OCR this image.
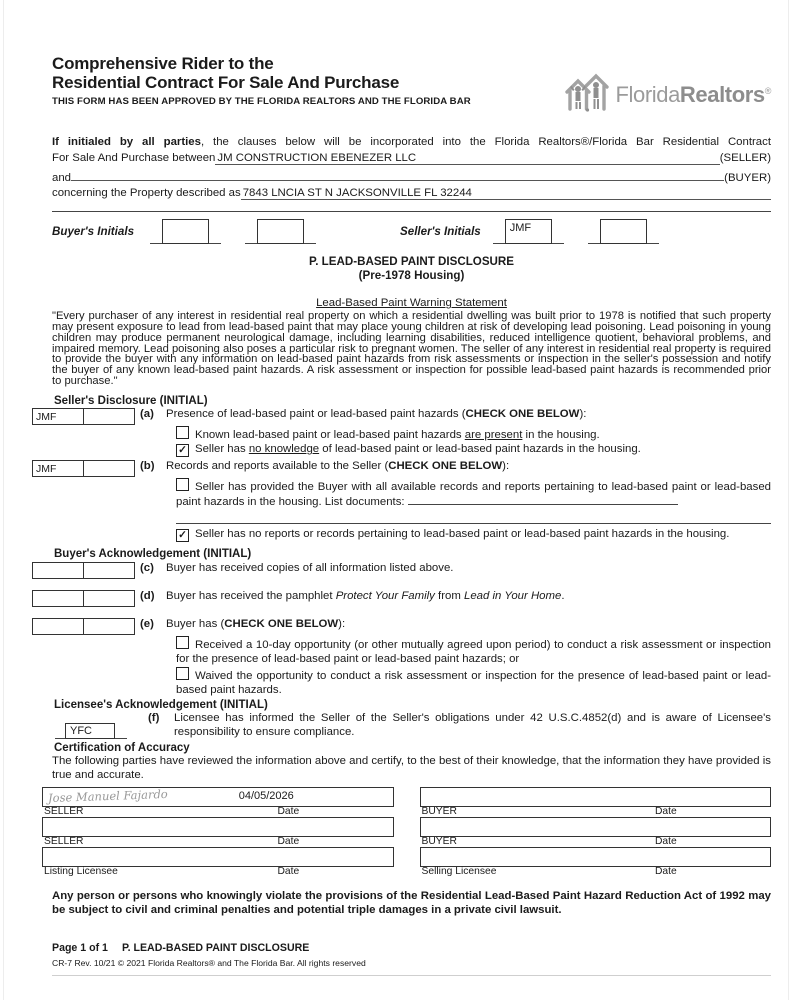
Comprehensive Rider to the
Residential Contract For Sale And Purchase
THIS FORM HAS BEEN APPROVED BY THE FLORIDA REALTORS AND THE FLORIDA BAR	FloridaRealtors®
If initialed by all parties, the clauses below will be incorporated into the Florida Realtors®/Florida Bar Residential Contract
For Sale And Purchase between JM CONSTRUCTION EBENEZER LLC	(SELLER)
and	(BUYER)
concerning the Property described as 7843 LNCIA ST N JACKSONVILLE FL 32244
Buyer's Initials	Seller's Initials	JMF
P. LEAD-BASED PAINT DISCLOSURE
(Pre-1978 Housing)
Lead-Based Paint Warning Statement
"Every purchaser of any interest in residential real property on which a residential dwelling was built prior to 1978 is notified that such property may present exposure to lead from lead-based paint that may place young children at risk of developing lead poisoning. Lead poisoning in young children may produce permanent neurological damage, including learning disabilities, reduced intelligence quotient, behavioral problems, and impaired memory. Lead poisoning also poses a particular risk to pregnant women. The seller of any interest in residential real property is required to provide the buyer with any information on lead-based paint hazards from risk assessments or inspection in the seller's possession and notify the buyer of any known lead-based paint hazards. A risk assessment or inspection for possible lead-based paint hazards is recommended prior to purchase."
Seller's Disclosure (INITIAL)
JMF	(a)	Presence of lead-based paint or lead-based paint hazards (CHECK ONE BELOW):
Known lead-based paint or lead-based paint hazards are present in the housing.
✓ Seller has no knowledge of lead-based paint or lead-based paint hazards in the housing.
JMF	(b)	Records and reports available to the Seller (CHECK ONE BELOW):
Seller has provided the Buyer with all available records and reports pertaining to lead-based paint or lead-based paint hazards in the housing. List documents:
✓ Seller has no reports or records pertaining to lead-based paint or lead-based paint hazards in the housing.
Buyer's Acknowledgement (INITIAL)
(c)	Buyer has received copies of all information listed above.
(d)	Buyer has received the pamphlet Protect Your Family from Lead in Your Home.
(e)	Buyer has (CHECK ONE BELOW):
Received a 10-day opportunity (or other mutually agreed upon period) to conduct a risk assessment or inspection for the presence of lead-based paint or lead-based paint hazards; or
Waived the opportunity to conduct a risk assessment or inspection for the presence of lead-based paint or lead-based paint hazards.
Licensee's Acknowledgement (INITIAL)
YFC
(f)	Licensee has informed the Seller of the Seller's obligations under 42 U.S.C.4852(d) and is aware of Licensee's responsibility to ensure compliance.
Certification of Accuracy
The following parties have reviewed the information above and certify, to the best of their knowledge, that the information they have provided is true and accurate.
Jose Manuel Fajardo	04/05/2026
SELLER	Date	BUYER	Date
SELLER	Date	BUYER	Date
Listing Licensee	Date	Selling Licensee	Date
Any person or persons who knowingly violate the provisions of the Residential Lead-Based Paint Hazard Reduction Act of 1992 may be subject to civil and criminal penalties and potential triple damages in a private civil lawsuit.
Page 1 of 1 P. LEAD-BASED PAINT DISCLOSURE
CR-7 Rev. 10/21 © 2021 Florida Realtors® and The Florida Bar. All rights reserved
